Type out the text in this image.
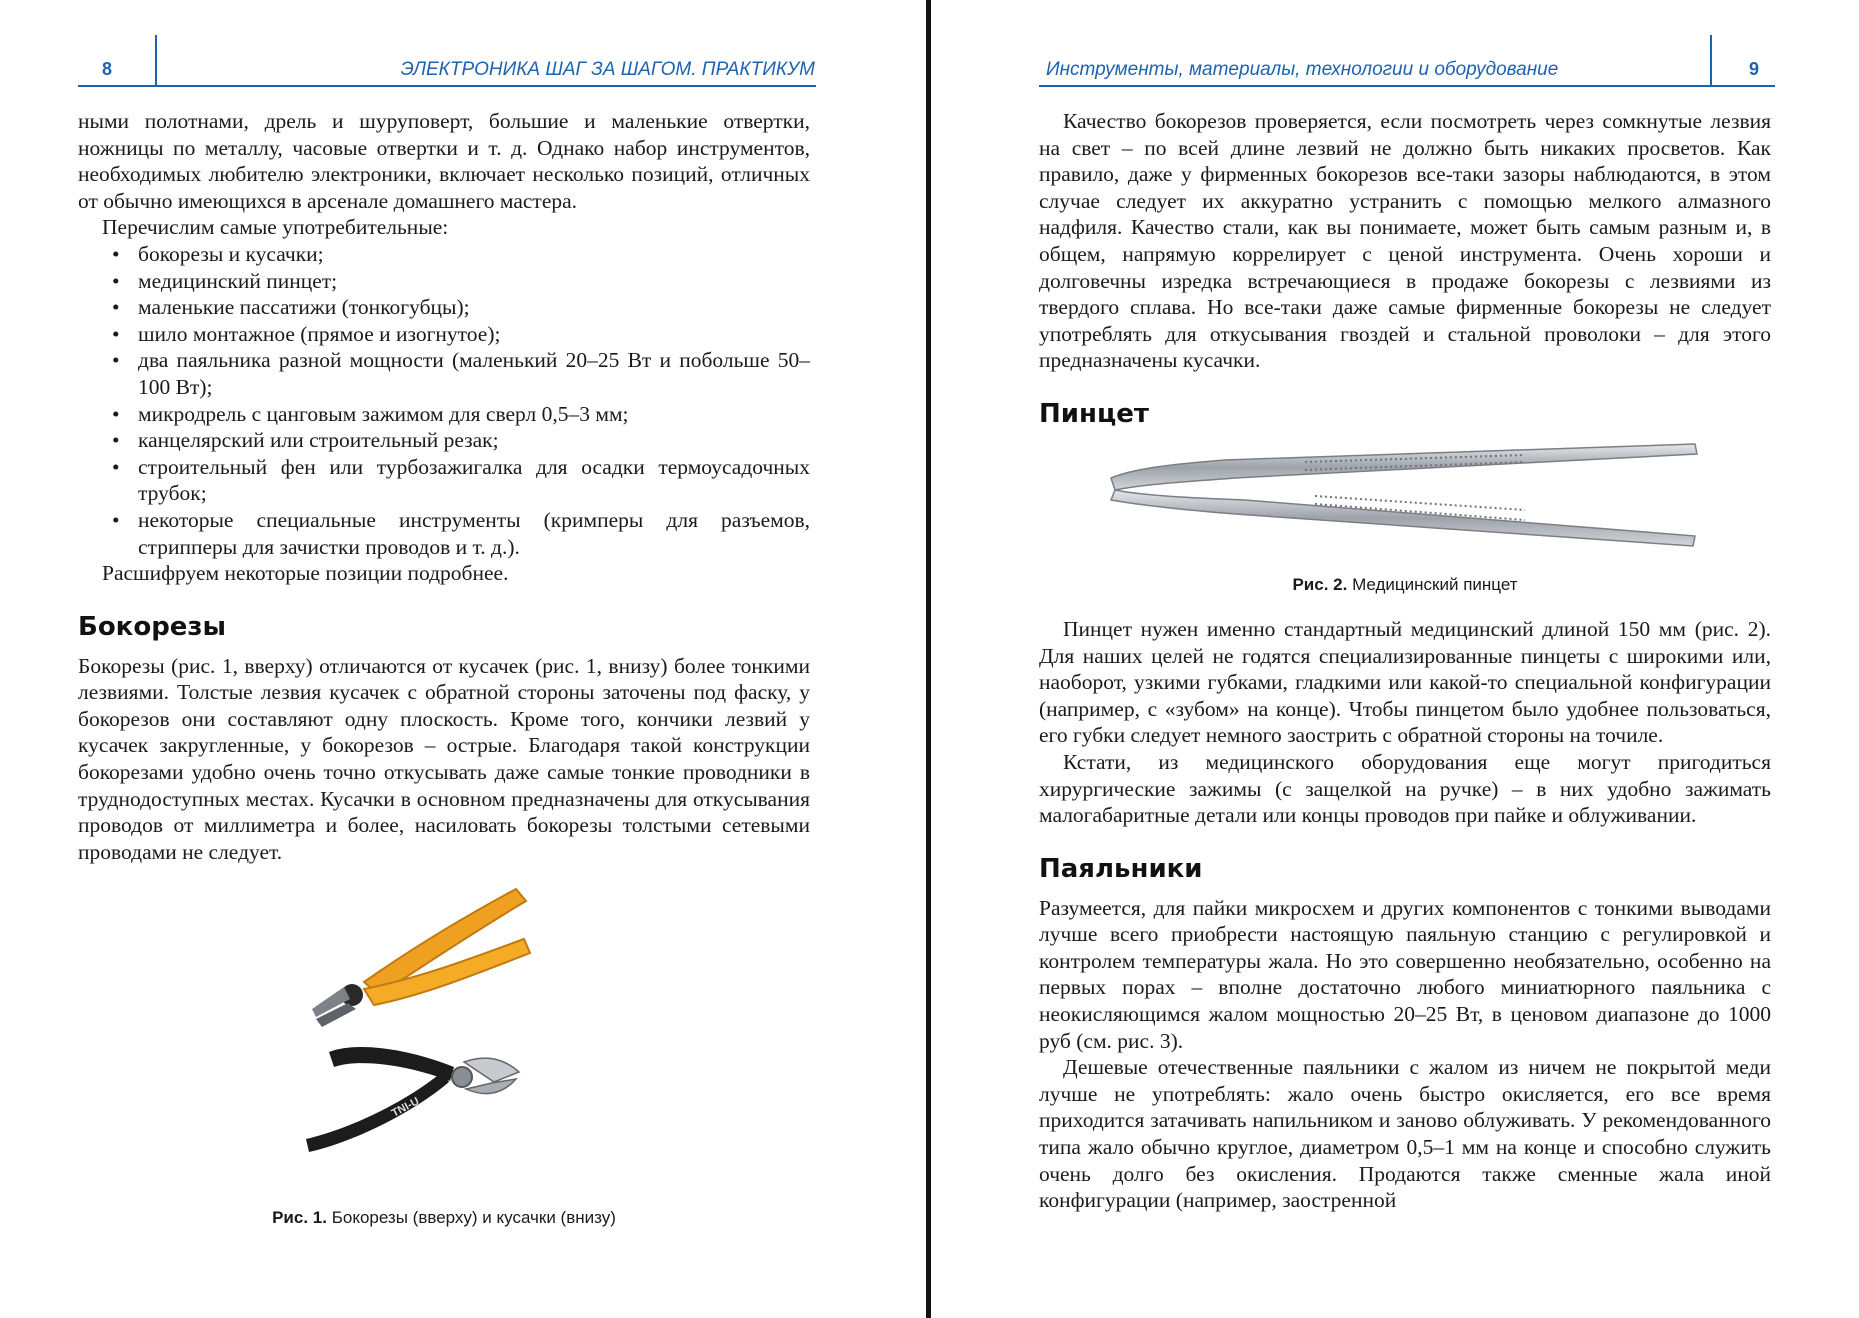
8	ЭЛЕКТРОНИКА ШАГ ЗА ШАГОМ. ПРАКТИКУМ

ными полотнами, дрель и шуруповерт, большие и маленькие отвертки, ножницы по металлу, часовые отвертки и т. д. Однако набор инструментов, необходимых любителю электроники, включает несколько позиций, отличных от обычно имеющихся в арсенале домашнего мастера.

Перечислим самые употребительные:

• бокорезы и кусачки;
• медицинский пинцет;
• маленькие пассатижи (тонкогубцы);
• шило монтажное (прямое и изогнутое);
• два паяльника разной мощности (маленький 20–25 Вт и побольше 50–100 Вт);
• микродрель с цанговым зажимом для сверл 0,5–3 мм;
• канцелярский или строительный резак;
• строительный фен или турбозажигалка для осадки термоусадочных трубок;
• некоторые специальные инструменты (кримперы для разъемов, стрипперы для зачистки проводов и т. д.).

Расшифруем некоторые позиции подробнее.

Бокорезы

Бокорезы (рис. 1, вверху) отличаются от кусачек (рис. 1, внизу) более тонкими лезвиями. Толстые лезвия кусачек с обратной стороны заточены под фаску, у бокорезов они составляют одну плоскость. Кроме того, кончики лезвий у кусачек закругленные, у бокорезов – острые. Благодаря такой конструкции бокорезами удобно очень точно откусывать даже самые тонкие проводники в труднодоступных местах. Кусачки в основном предназначены для откусывания проводов от миллиметра и более, насиловать бокорезы толстыми сетевыми проводами не следует.

TNI-U
Рис. 1. Бокорезы (вверху) и кусачки (внизу)
Инструменты, материалы, технологии и оборудование	9

Качество бокорезов проверяется, если посмотреть через сомкнутые лезвия на свет – по всей длине лезвий не должно быть никаких просветов. Как правило, даже у фирменных бокорезов все-таки зазоры наблюдаются, в этом случае следует их аккуратно устранить с помощью мелкого алмазного надфиля. Качество стали, как вы понимаете, может быть самым разным и, в общем, напрямую коррелирует с ценой инструмента. Очень хороши и долговечны изредка встречающиеся в продаже бокорезы с лезвиями из твердого сплава. Но все-таки даже самые фирменные бокорезы не следует употреблять для откусывания гвоздей и стальной проволоки – для этого предназначены кусачки.

Пинцет
Рис. 2. Медицинский пинцет

Пинцет нужен именно стандартный медицинский длиной 150 мм (рис. 2). Для наших целей не годятся специализированные пинцеты с широкими или, наоборот, узкими губками, гладкими или какой-то специальной конфигурации (например, с «зубом» на конце). Чтобы пинцетом было удобнее пользоваться, его губки следует немного заострить с обратной стороны на точиле.

Кстати, из медицинского оборудования еще могут пригодиться хирургические зажимы (с защелкой на ручке) – в них удобно зажимать малогабаритные детали или концы проводов при пайке и облуживании.

Паяльники

Разумеется, для пайки микросхем и других компонентов с тонкими выводами лучше всего приобрести настоящую паяльную станцию с регулировкой и контролем температуры жала. Но это совершенно необязательно, особенно на первых порах – вполне достаточно любого миниатюрного паяльника с неокисляющимся жалом мощностью 20–25 Вт, в ценовом диапазоне до 1000 руб (см. рис. 3).

Дешевые отечественные паяльники с жалом из ничем не покрытой меди лучше не употреблять: жало очень быстро окисляется, его все время приходится затачивать напильником и заново облуживать. У рекомендованного типа жало обычно круглое, диаметром 0,5–1 мм на конце и способно служить очень долго без окисления. Продаются также сменные жала иной конфигурации (например, заостренной
